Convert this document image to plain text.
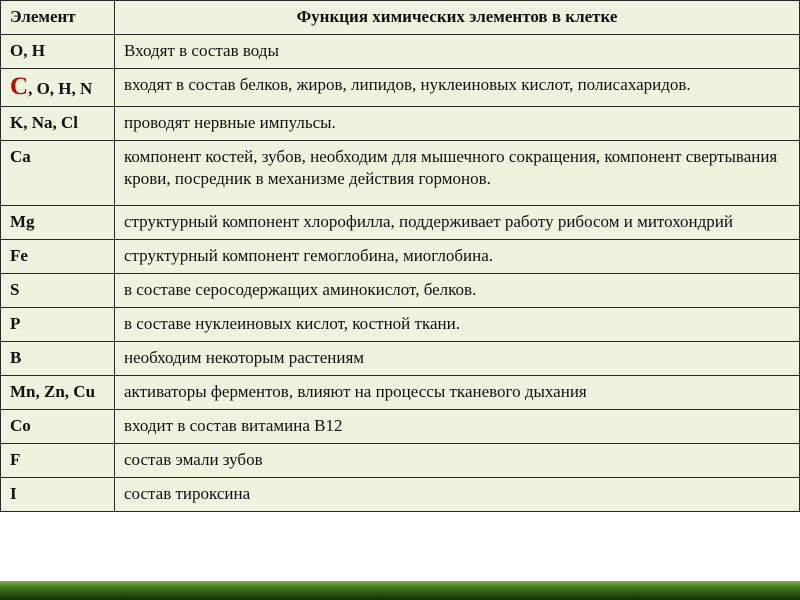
Элемент	Функция химических элементов в клетке
O, H	Входят в состав воды
С, O, H, N	входят в состав белков, жиров, липидов, нуклеиновых кислот, полисахаридов.
K, Na, Cl	проводят нервные импульсы.
Ca	компонент костей, зубов, необходим для мышечного сокращения, компонент свертывания крови, посредник в механизме действия гормонов.
Mg	структурный компонент хлорофилла, поддерживает работу рибосом и митохондрий
Fe	структурный компонент гемоглобина, миоглобина.
S	в составе серосодержащих аминокислот, белков.
P	в составе нуклеиновых кислот, костной ткани.
B	необходим некоторым растениям
Mn, Zn, Cu	активаторы ферментов, влияют на процессы тканевого дыхания
Co	входит в состав витамина B12
F	состав эмали зубов
I	состав тироксина
